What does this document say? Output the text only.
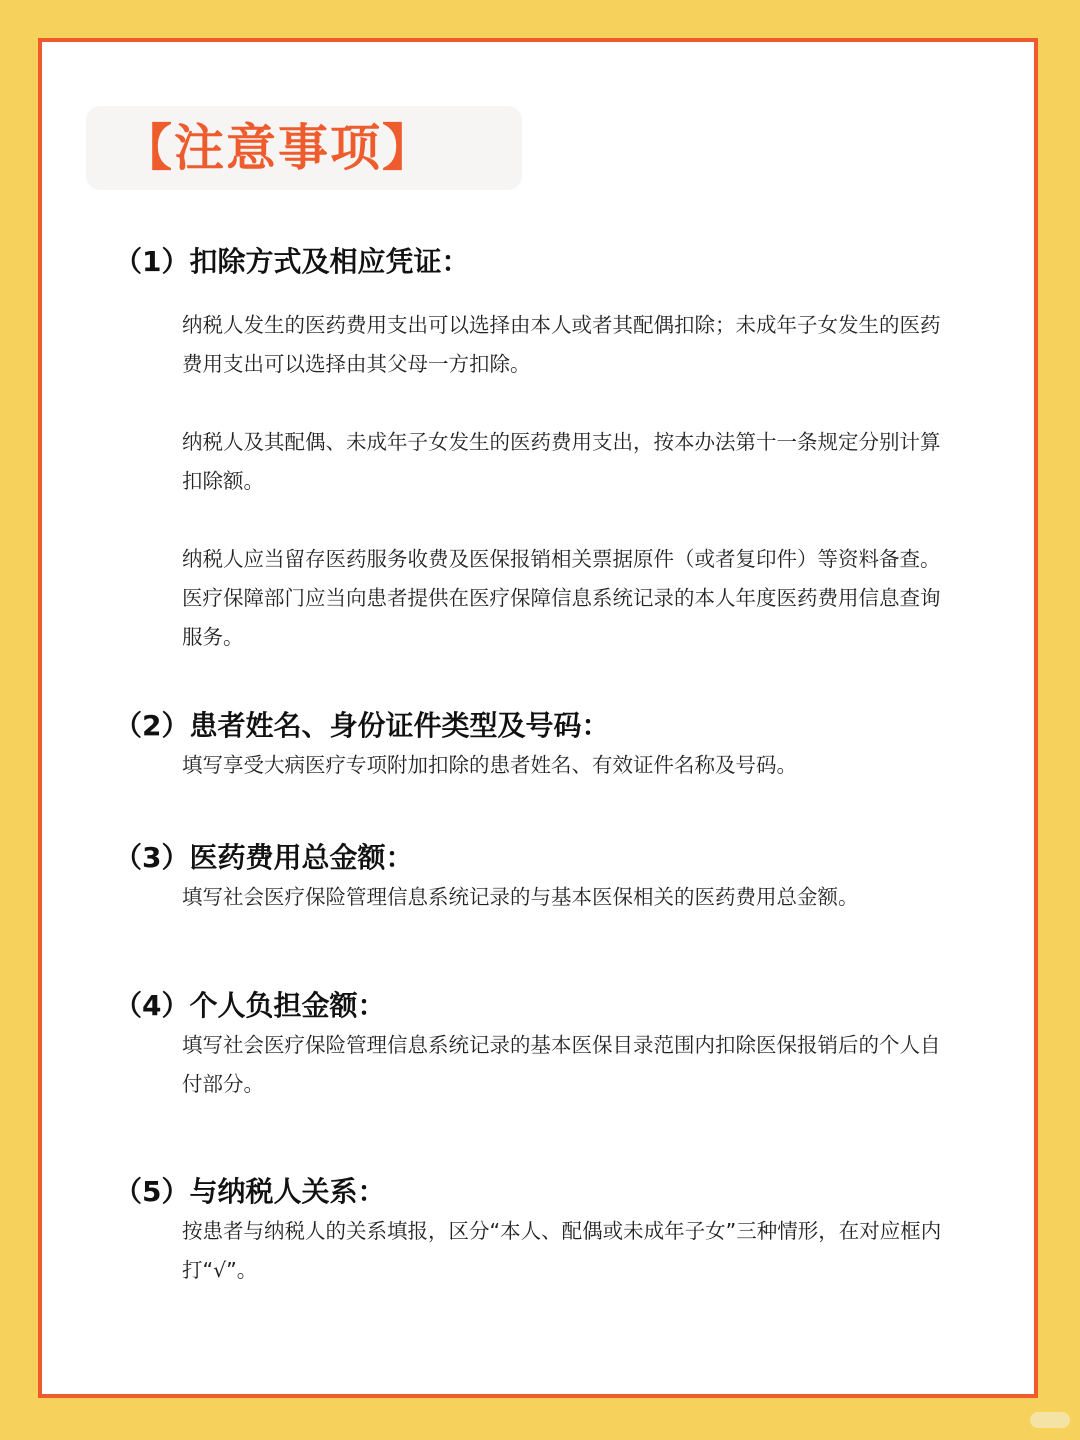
【注意事项】
（1）扣除方式及相应凭证：
纳税人发生的医药费用支出可以选择由本人或者其配偶扣除；未成年子女发生的医药费用支出可以选择由其父母一方扣除。
纳税人及其配偶、未成年子女发生的医药费用支出，按本办法第十一条规定分别计算扣除额。
纳税人应当留存医药服务收费及医保报销相关票据原件（或者复印件）等资料备查。医疗保障部门应当向患者提供在医疗保障信息系统记录的本人年度医药费用信息查询服务。
（2）患者姓名、身份证件类型及号码：
填写享受大病医疗专项附加扣除的患者姓名、有效证件名称及号码。
（3）医药费用总金额：
填写社会医疗保险管理信息系统记录的与基本医保相关的医药费用总金额。
（4）个人负担金额：
填写社会医疗保险管理信息系统记录的基本医保目录范围内扣除医保报销后的个人自付部分。
（5）与纳税人关系：
按患者与纳税人的关系填报，区分“本人、配偶或未成年子女”三种情形，在对应框内打“√”。
